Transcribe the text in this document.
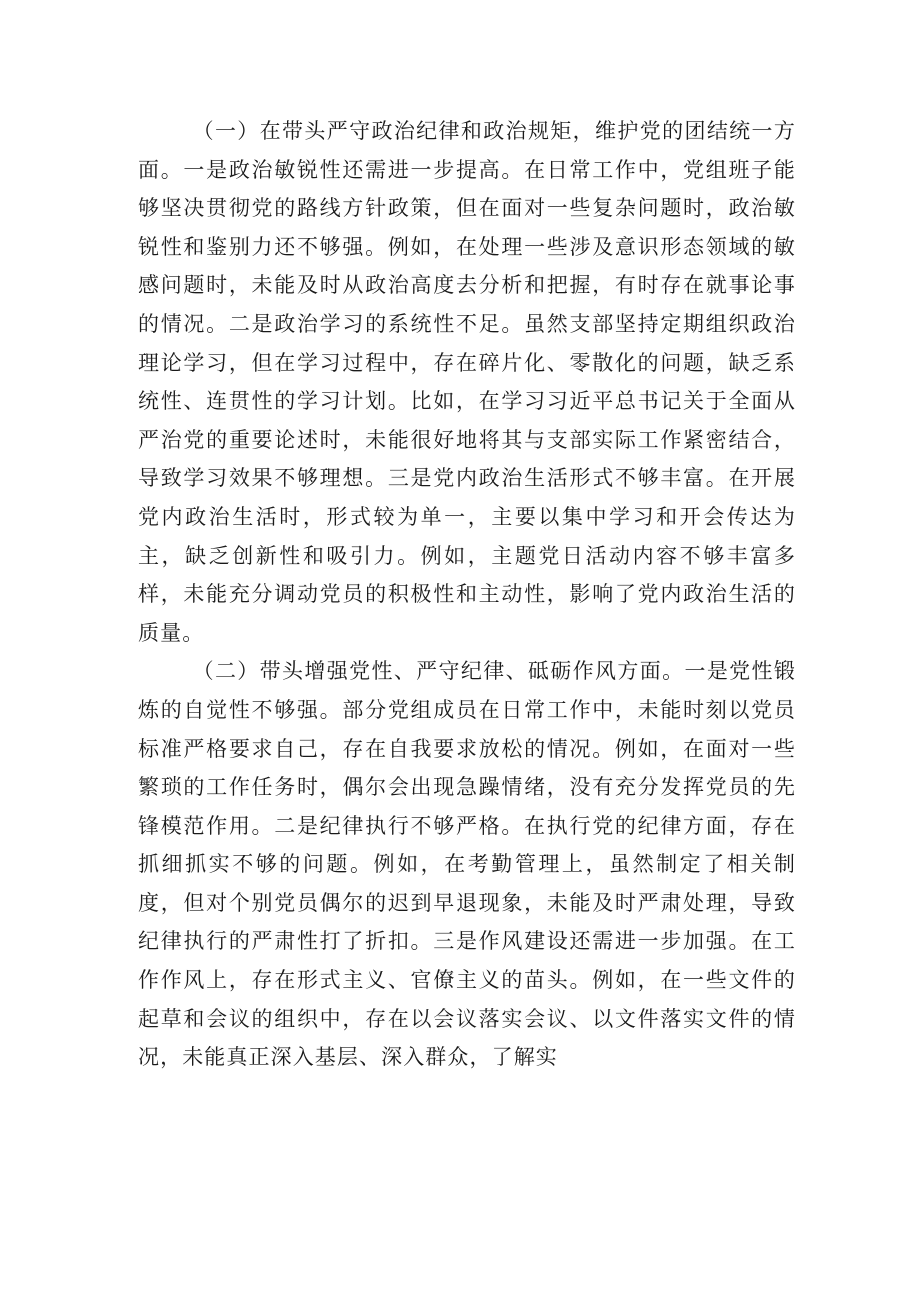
（一）在带头严守政治纪律和政治规矩，维护党的团结统一方面。一是政治敏锐性还需进一步提高。在日常工作中，党组班子能够坚决贯彻党的路线方针政策，但在面对一些复杂问题时，政治敏锐性和鉴别力还不够强。例如，在处理一些涉及意识形态领域的敏感问题时，未能及时从政治高度去分析和把握，有时存在就事论事的情况。二是政治学习的系统性不足。虽然支部坚持定期组织政治理论学习，但在学习过程中，存在碎片化、零散化的问题，缺乏系统性、连贯性的学习计划。比如，在学习习近平总书记关于全面从严治党的重要论述时，未能很好地将其与支部实际工作紧密结合，导致学习效果不够理想。三是党内政治生活形式不够丰富。在开展党内政治生活时，形式较为单一，主要以集中学习和开会传达为主，缺乏创新性和吸引力。例如，主题党日活动内容不够丰富多样，未能充分调动党员的积极性和主动性，影响了党内政治生活的质量。

（二）带头增强党性、严守纪律、砥砺作风方面。一是党性锻炼的自觉性不够强。部分党组成员在日常工作中，未能时刻以党员标准严格要求自己，存在自我要求放松的情况。例如，在面对一些繁琐的工作任务时，偶尔会出现急躁情绪，没有充分发挥党员的先锋模范作用。二是纪律执行不够严格。在执行党的纪律方面，存在抓细抓实不够的问题。例如，在考勤管理上，虽然制定了相关制度，但对个别党员偶尔的迟到早退现象，未能及时严肃处理，导致纪律执行的严肃性打了折扣。三是作风建设还需进一步加强。在工作作风上，存在形式主义、官僚主义的苗头。例如，在一些文件的起草和会议的组织中，存在以会议落实会议、以文件落实文件的情况，未能真正深入基层、深入群众，了解实
